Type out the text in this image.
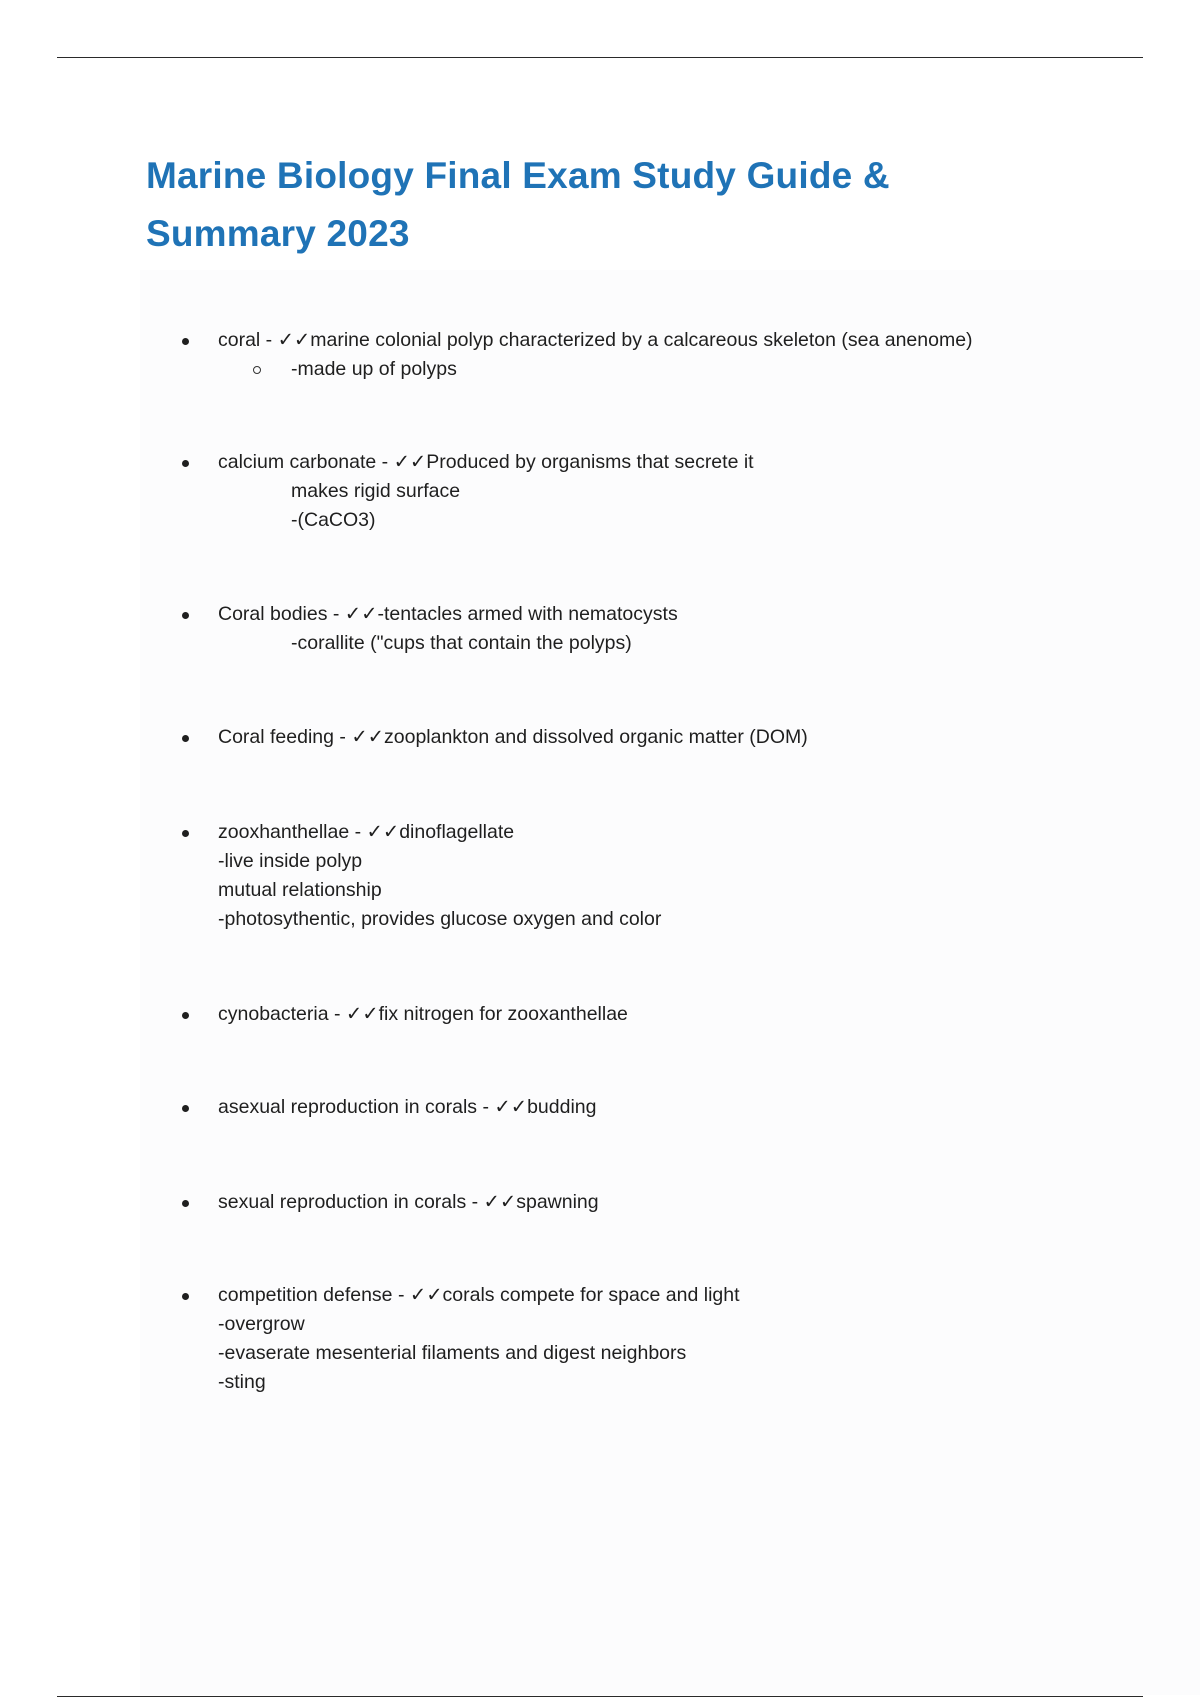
Marine Biology Final Exam Study Guide & Summary 2023
coral - ✓✓marine colonial polyp characterized by a calcareous skeleton (sea anenome)
-made up of polyps
calcium carbonate - ✓✓Produced by organisms that secrete it
makes rigid surface
-(CaCO3)
Coral bodies - ✓✓-tentacles armed with nematocysts
-corallite ("cups that contain the polyps)
Coral feeding - ✓✓zooplankton and dissolved organic matter (DOM)
zooxhanthellae - ✓✓dinoflagellate
-live inside polyp
mutual relationship
-photosythentic, provides glucose oxygen and color
cynobacteria - ✓✓fix nitrogen for zooxanthellae
asexual reproduction in corals - ✓✓budding
sexual reproduction in corals - ✓✓spawning
competition defense - ✓✓corals compete for space and light
-overgrow
-evaserate mesenterial filaments and digest neighbors
-sting
